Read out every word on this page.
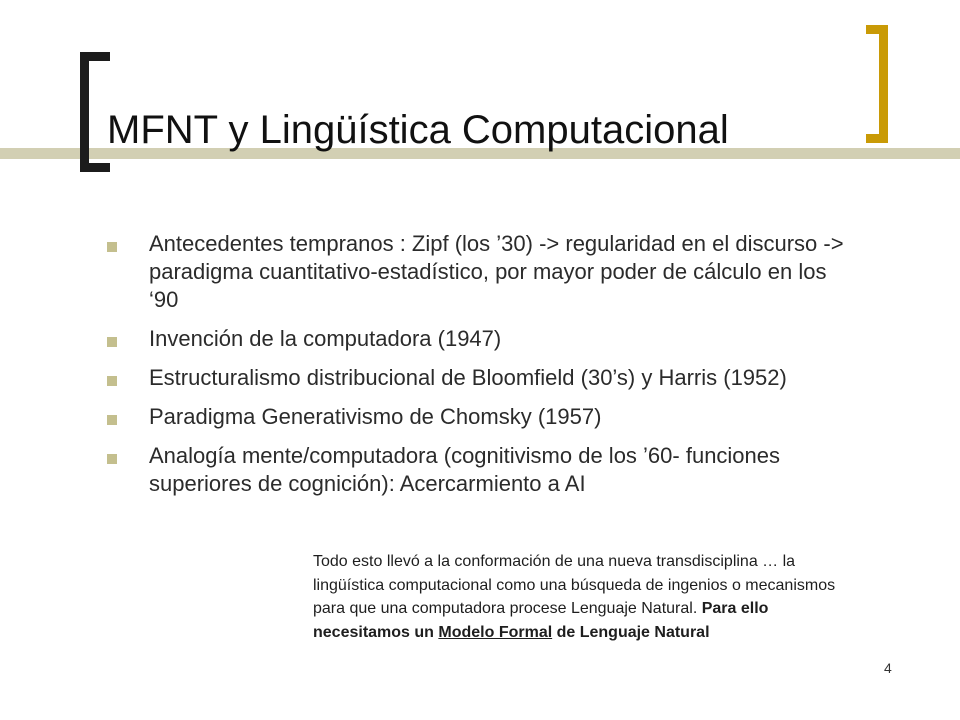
MFNT y Lingüística Computacional
Antecedentes tempranos : Zipf (los ’30) -> regularidad en el discurso -> paradigma cuantitativo-estadístico, por mayor poder de cálculo en los ‘90
Invención de la computadora (1947)
Estructuralismo distribucional de Bloomfield (30’s) y Harris (1952)
Paradigma Generativismo de Chomsky (1957)
Analogía mente/computadora (cognitivismo de los ’60- funciones superiores de cognición): Acercarmiento a AI

Todo esto llevó a la conformación de una nueva transdisciplina … la lingüística computacional como una búsqueda de ingenios o mecanismos para que una computadora procese Lenguaje Natural. Para ello necesitamos un Modelo Formal de Lenguaje Natural

4
